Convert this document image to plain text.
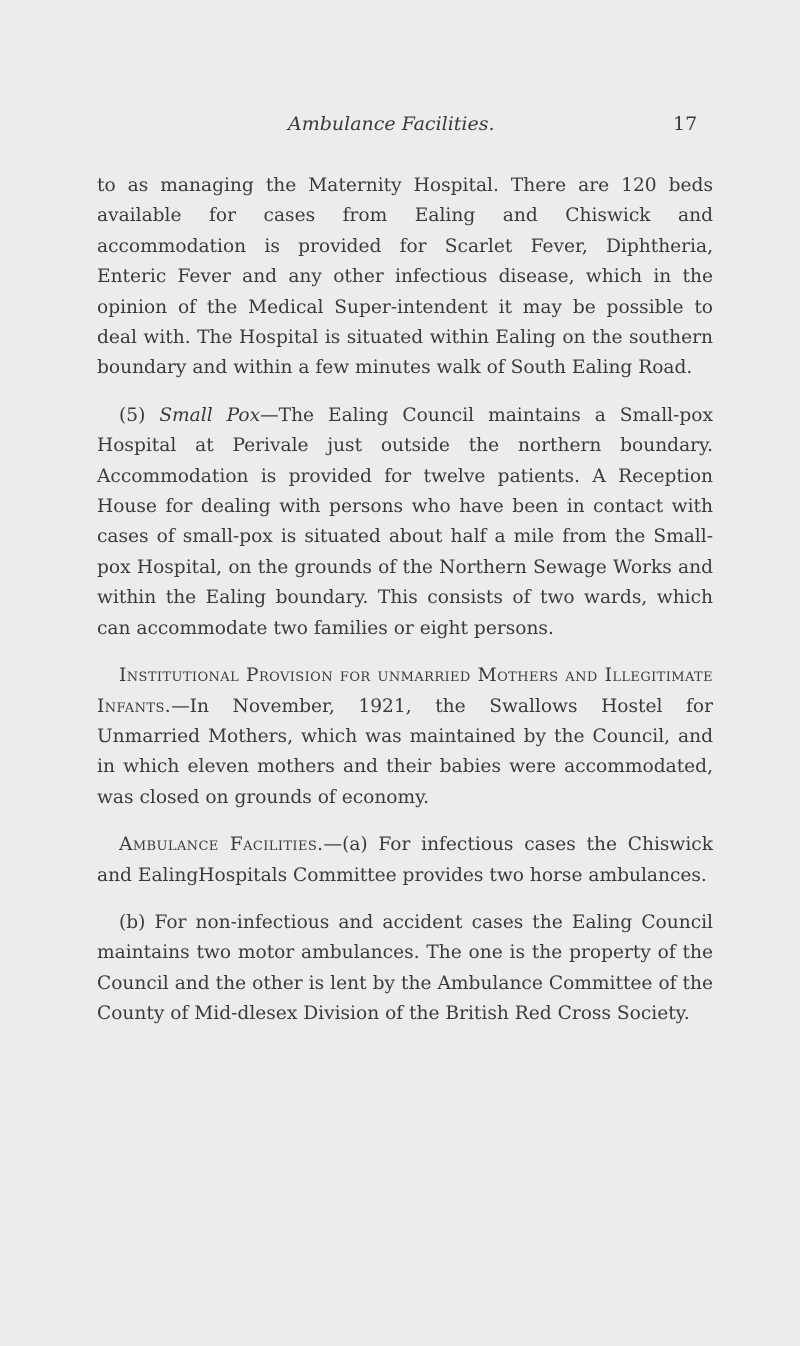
Ambulance Facilities.	17

to as managing the Maternity Hospital. There are 120 beds available for cases from Ealing and Chiswick and accommodation is provided for Scarlet Fever, Diphtheria, Enteric Fever and any other infectious disease, which in the opinion of the Medical Super-intendent it may be possible to deal with. The Hospital is situated within Ealing on the southern boundary and within a few minutes walk of South Ealing Road.

(5) Small Pox—The Ealing Council maintains a Small-pox Hospital at Perivale just outside the northern boundary. Accommodation is provided for twelve patients. A Reception House for dealing with persons who have been in contact with cases of small-pox is situated about half a mile from the Small-pox Hospital, on the grounds of the Northern Sewage Works and within the Ealing boundary. This consists of two wards, which can accommodate two families or eight persons.

Institutional Provision for unmarried Mothers and Illegitimate Infants.—In November, 1921, the Swallows Hostel for Unmarried Mothers, which was maintained by the Council, and in which eleven mothers and their babies were accommodated, was closed on grounds of economy.

Ambulance Facilities.—(a) For infectious cases the Chiswick and EalingHospitals Committee provides two horse ambulances.

(b) For non-infectious and accident cases the Ealing Council maintains two motor ambulances. The one is the property of the Council and the other is lent by the Ambulance Committee of the County of Mid-dlesex Division of the British Red Cross Society.
